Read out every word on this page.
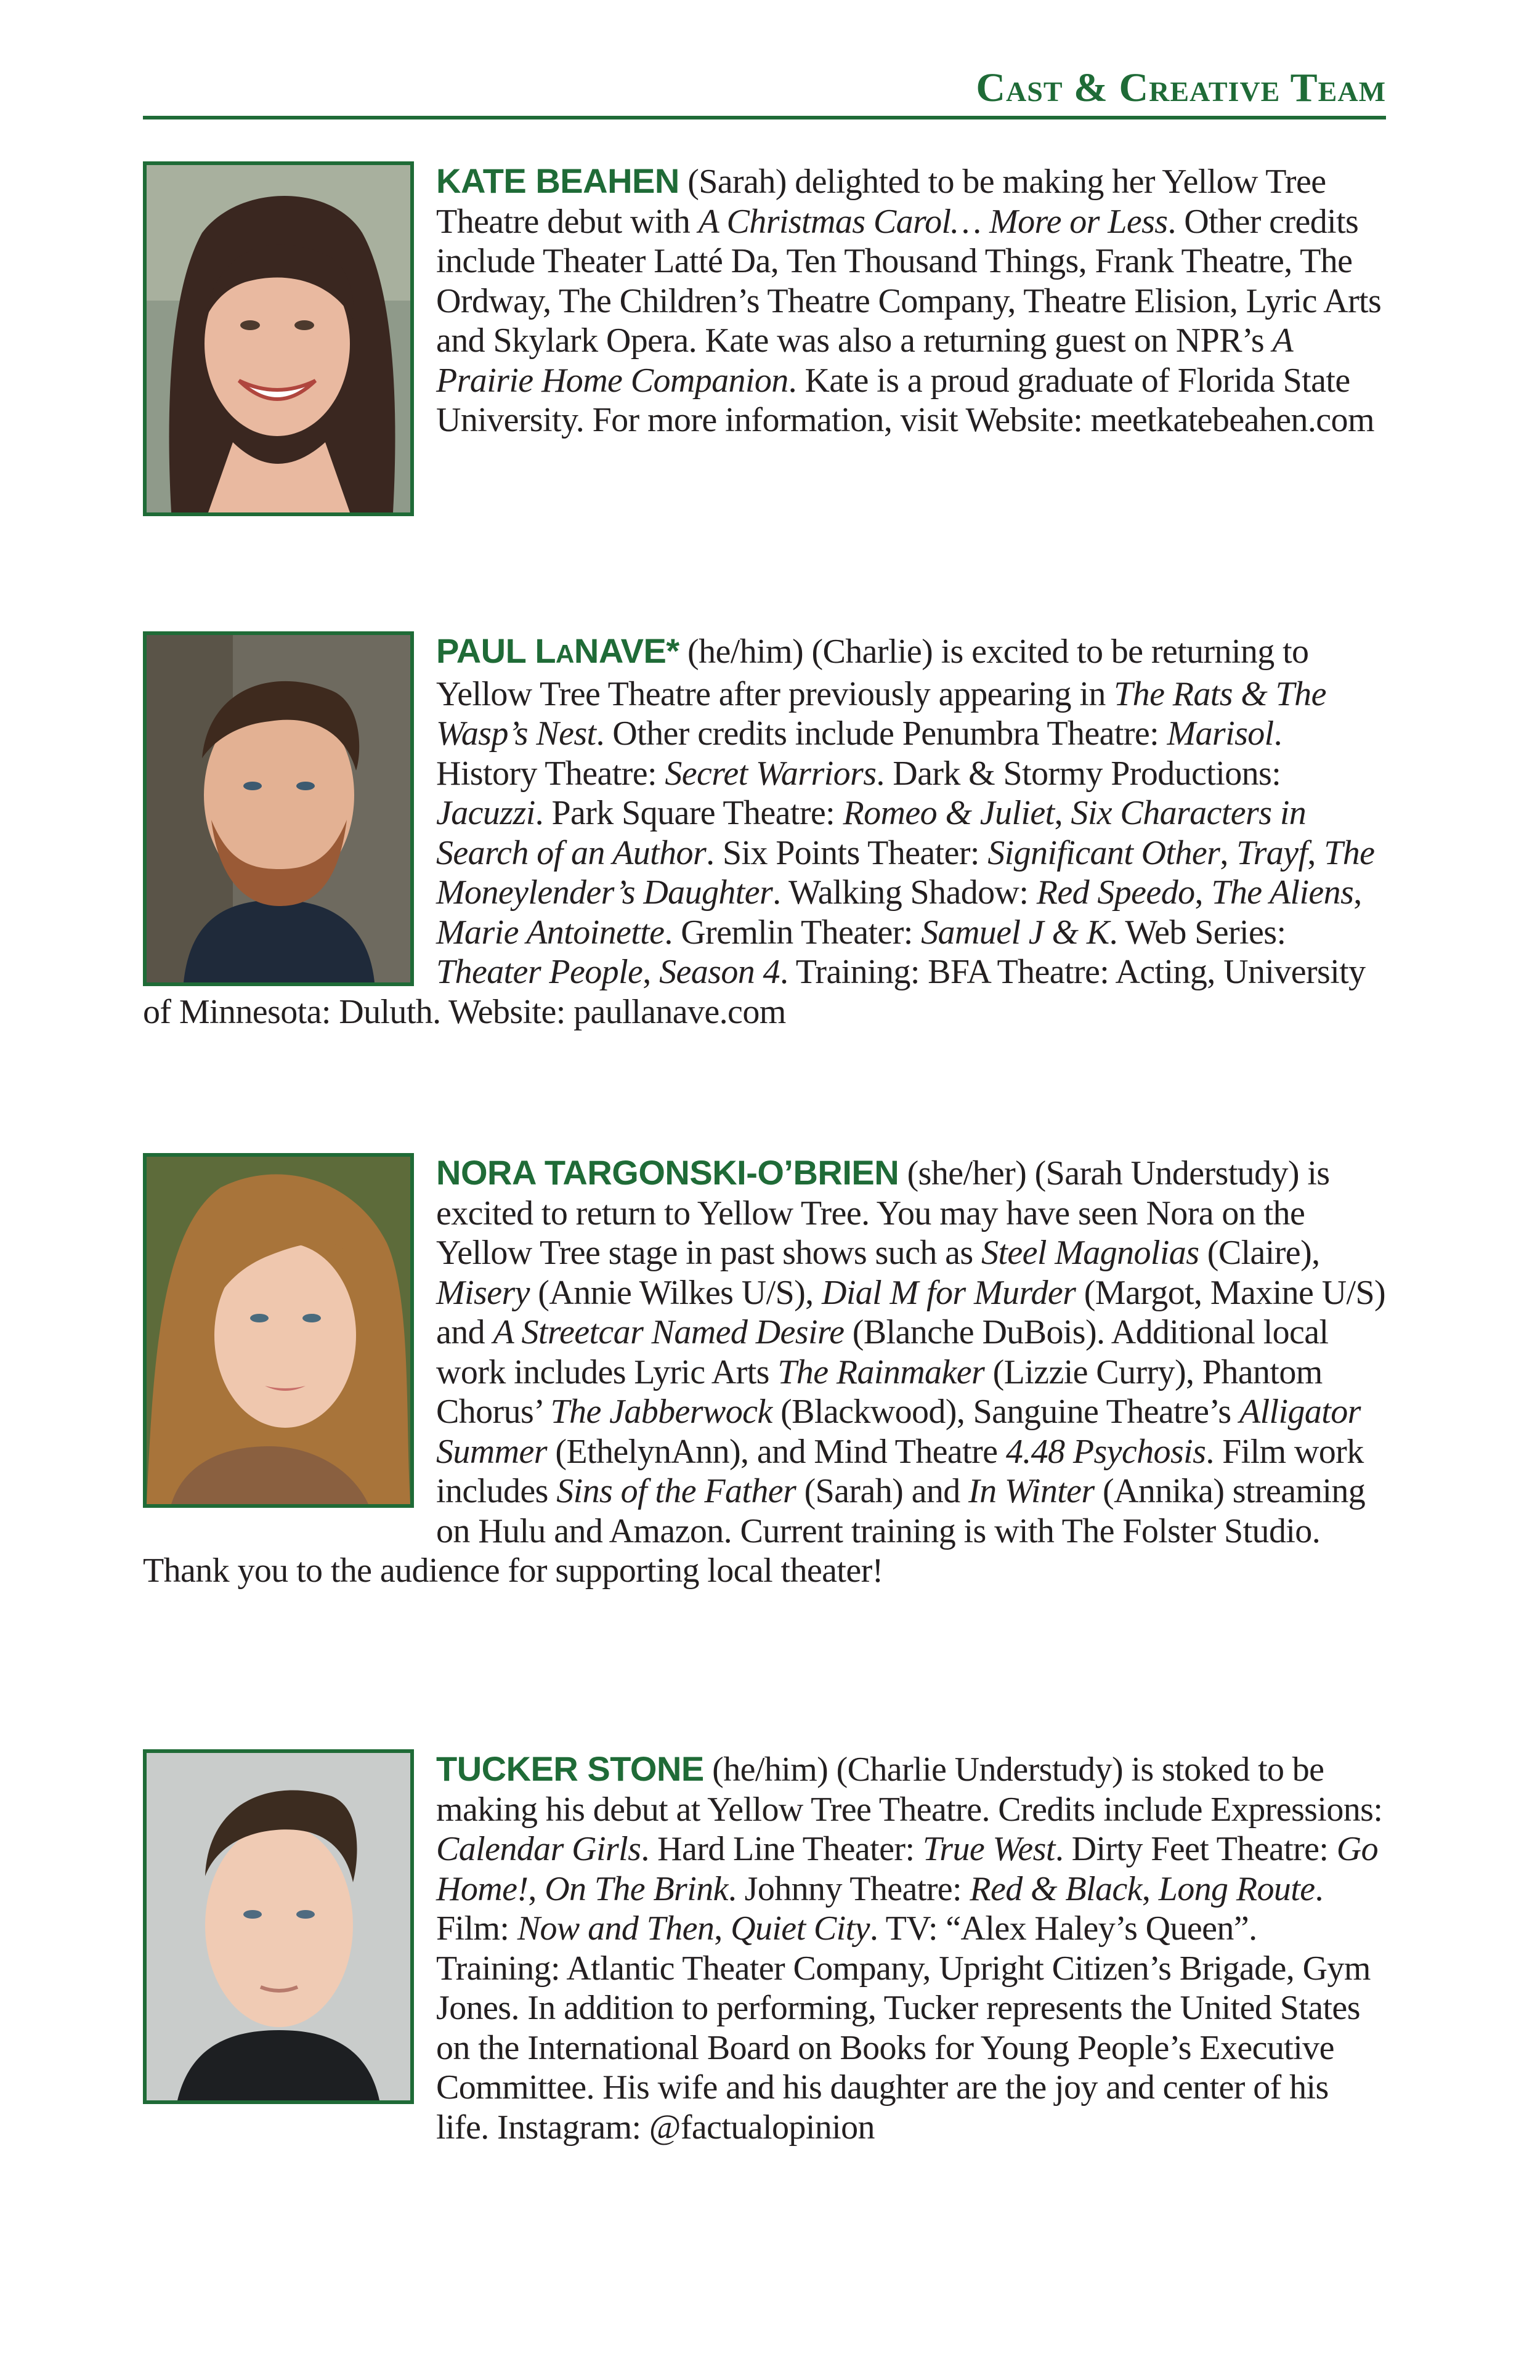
Cast & Creative Team

KATE BEAHEN (Sarah) delighted to be making her Yellow Tree Theatre debut with A Christmas Carol… More or Less. Other credits include Theater Latté Da, Ten Thousand Things, Frank Theatre, The Ordway, The Children’s Theatre Company, Theatre Elision, Lyric Arts and Skylark Opera. Kate was also a returning guest on NPR’s A Prairie Home Companion. Kate is a proud graduate of Florida State University. For more information, visit Website: meetkatebeahen.com

PAUL LANAVE* (he/him) (Charlie) is excited to be returning to Yellow Tree Theatre after previously appearing in The Rats & The Wasp’s Nest. Other credits include Penumbra Theatre: Marisol. History Theatre: Secret Warriors. Dark & Stormy Productions: Jacuzzi. Park Square Theatre: Romeo & Juliet, Six Characters in Search of an Author. Six Points Theater: Significant Other, Trayf, The Moneylender’s Daughter. Walking Shadow: Red Speedo, The Aliens, Marie Antoinette. Gremlin Theater: Samuel J & K. Web Series: Theater People, Season 4. Training: BFA Theatre: Acting, University of Minnesota: Duluth. Website: paullanave.com

NORA TARGONSKI-O’BRIEN (she/her) (Sarah Understudy) is excited to return to Yellow Tree. You may have seen Nora on the Yellow Tree stage in past shows such as Steel Magnolias (Claire), Misery (Annie Wilkes U/S), Dial M for Murder (Margot, Maxine U/S) and A Streetcar Named Desire (Blanche DuBois). Additional local work includes Lyric Arts The Rainmaker (Lizzie Curry), Phantom Chorus’ The Jabberwock (Blackwood), Sanguine Theatre’s Alligator Summer (EthelynAnn), and Mind Theatre 4.48 Psychosis. Film work includes Sins of the Father (Sarah) and In Winter (Annika) streaming on Hulu and Amazon. Current training is with The Folster Studio. Thank you to the audience for supporting local theater!

TUCKER STONE (he/him) (Charlie Understudy) is stoked to be making his debut at Yellow Tree Theatre. Credits include Expressions: Calendar Girls. Hard Line Theater: True West. Dirty Feet Theatre: Go Home!, On The Brink. Johnny Theatre: Red & Black, Long Route. Film: Now and Then, Quiet City. TV: “Alex Haley’s Queen”. Training: Atlantic Theater Company, Upright Citizen’s Brigade, Gym Jones. In addition to performing, Tucker represents the United States on the International Board on Books for Young People’s Executive Committee. His wife and his daughter are the joy and center of his life. Instagram: @factualopinion
